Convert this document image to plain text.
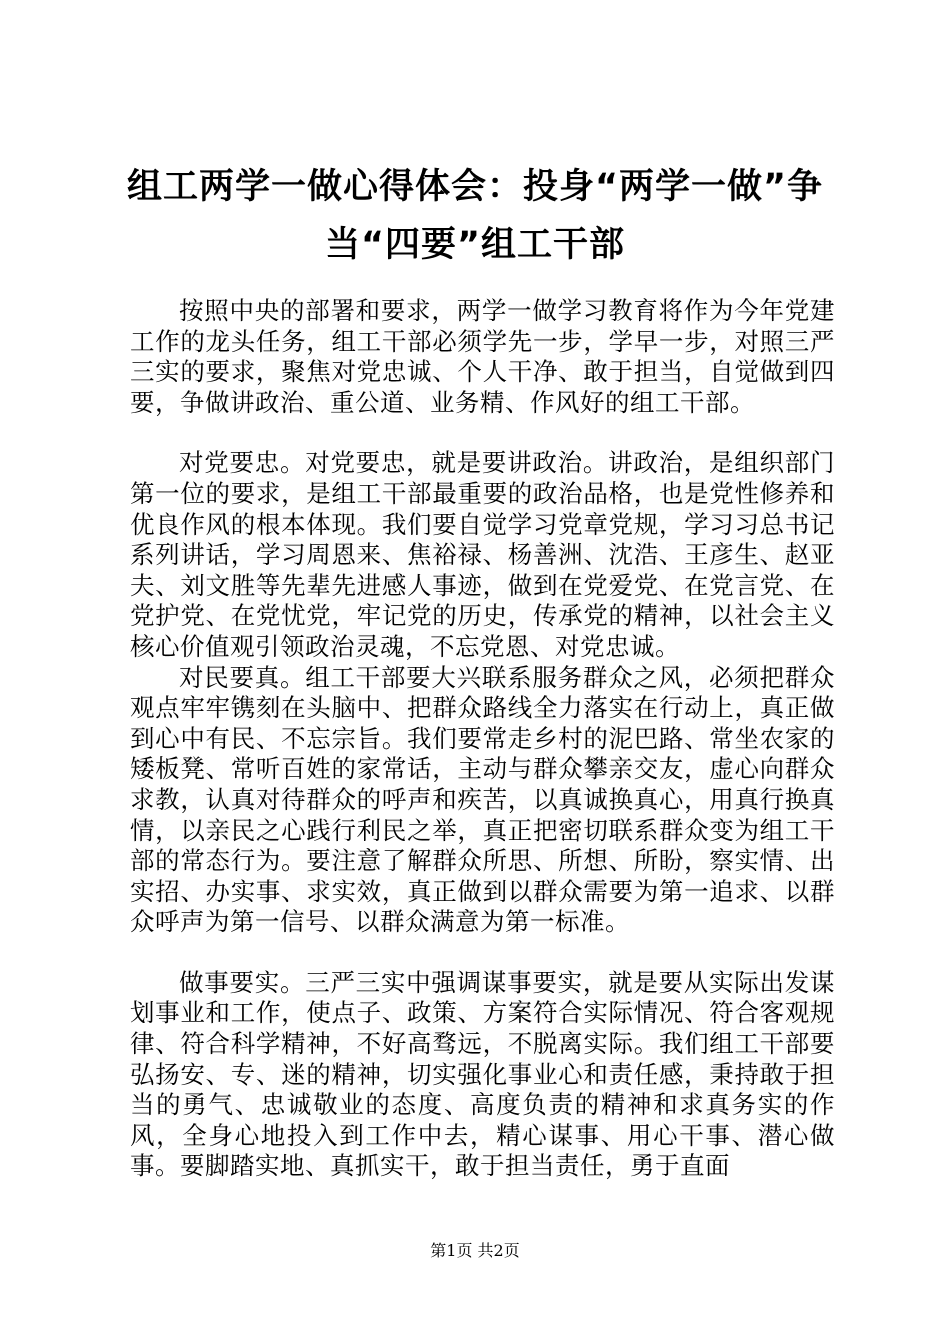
组工两学一做心得体会：投身“两学一做”争
当“四要”组工干部

按照中央的部署和要求，两学一做学习教育将作为今年党建工作的龙头任务，组工干部必须学先一步，学早一步，对照三严三实的要求，聚焦对党忠诚、个人干净、敢于担当，自觉做到四要，争做讲政治、重公道、业务精、作风好的组工干部。

对党要忠。对党要忠，就是要讲政治。讲政治，是组织部门第一位的要求，是组工干部最重要的政治品格，也是党性修养和优良作风的根本体现。我们要自觉学习党章党规，学习习总书记系列讲话，学习周恩来、焦裕禄、杨善洲、沈浩、王彦生、赵亚夫、刘文胜等先辈先进感人事迹，做到在党爱党、在党言党、在党护党、在党忧党，牢记党的历史，传承党的精神，以社会主义核心价值观引领政治灵魂，不忘党恩、对党忠诚。

对民要真。组工干部要大兴联系服务群众之风，必须把群众观点牢牢镌刻在头脑中、把群众路线全力落实在行动上，真正做到心中有民、不忘宗旨。我们要常走乡村的泥巴路、常坐农家的矮板凳、常听百姓的家常话，主动与群众攀亲交友，虚心向群众求教，认真对待群众的呼声和疾苦，以真诚换真心，用真行换真情，以亲民之心践行利民之举，真正把密切联系群众变为组工干部的常态行为。要注意了解群众所思、所想、所盼，察实情、出实招、办实事、求实效，真正做到以群众需要为第一追求、以群众呼声为第一信号、以群众满意为第一标准。

做事要实。三严三实中强调谋事要实，就是要从实际出发谋划事业和工作，使点子、政策、方案符合实际情况、符合客观规律、符合科学精神，不好高骛远，不脱离实际。我们组工干部要弘扬安、专、迷的精神，切实强化事业心和责任感，秉持敢于担当的勇气、忠诚敬业的态度、高度负责的精神和求真务实的作风，全身心地投入到工作中去，精心谋事、用心干事、潜心做事。要脚踏实地、真抓实干，敢于担当责任，勇于直面

第1页 共2页
